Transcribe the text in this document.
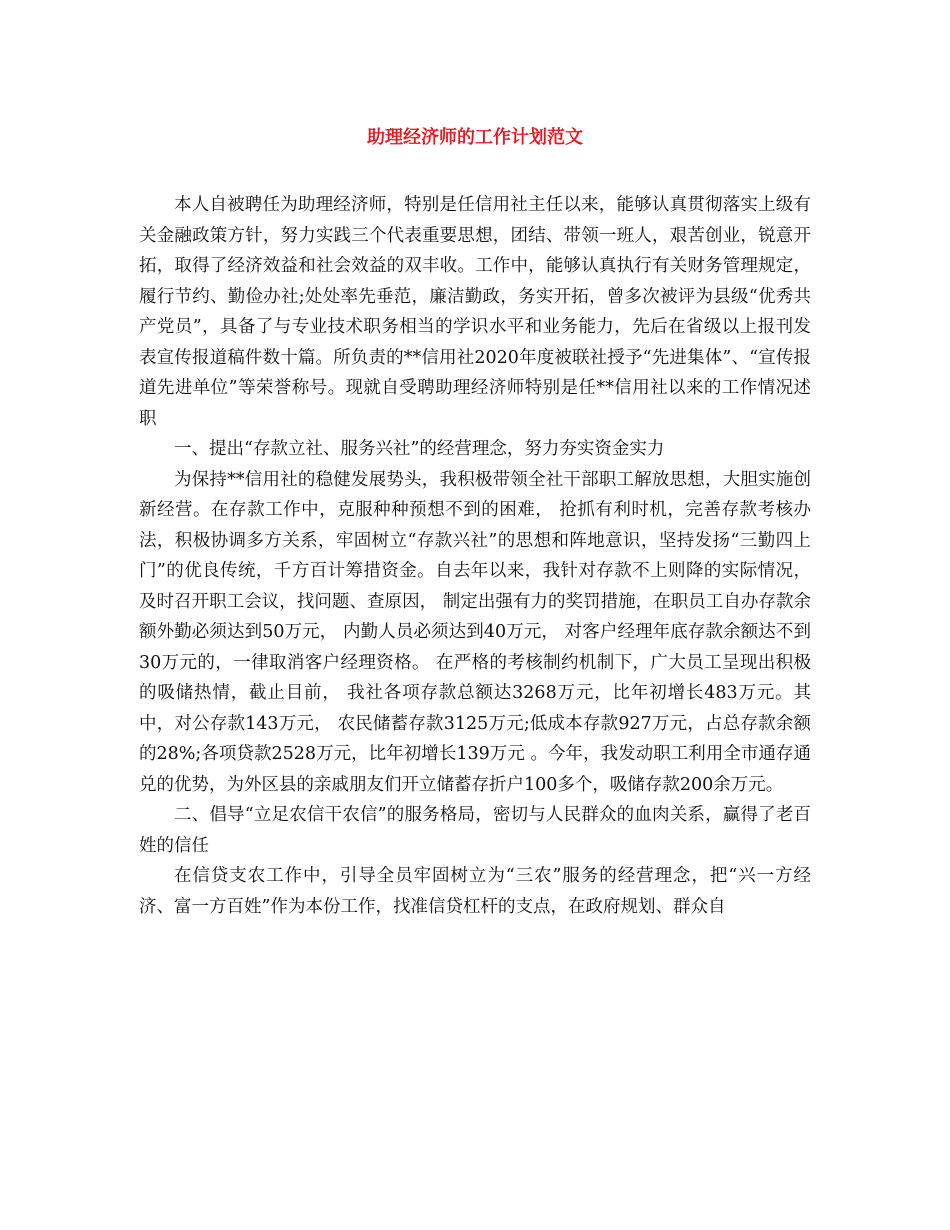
助理经济师的工作计划范文

本人自被聘任为助理经济师，特别是任信用社主任以来，能够认真贯彻落实上级有关金融政策方针，努力实践三个代表重要思想，团结、带领一班人，艰苦创业，锐意开拓，取得了经济效益和社会效益的双丰收。工作中，能够认真执行有关财务管理规定，履行节约、勤俭办社;处处率先垂范，廉洁勤政，务实开拓，曾多次被评为县级“优秀共产党员”，具备了与专业技术职务相当的学识水平和业务能力，先后在省级以上报刊发表宣传报道稿件数十篇。所负责的**信用社2020年度被联社授予“先进集体”、“宣传报道先进单位”等荣誉称号。现就自受聘助理经济师特别是任**信用社以来的工作情况述职

一、提出“存款立社、服务兴社”的经营理念，努力夯实资金实力

为保持**信用社的稳健发展势头，我积极带领全社干部职工解放思想，大胆实施创新经营。在存款工作中，克服种种预想不到的困难， 抢抓有利时机，完善存款考核办法，积极协调多方关系，牢固树立“存款兴社”的思想和阵地意识，坚持发扬“三勤四上门”的优良传统，千方百计筹措资金。自去年以来，我针对存款不上则降的实际情况， 及时召开职工会议，找问题、查原因， 制定出强有力的奖罚措施，在职员工自办存款余额外勤必须达到50万元， 内勤人员必须达到40万元， 对客户经理年底存款余额达不到30万元的，一律取消客户经理资格。 在严格的考核制约机制下，广大员工呈现出积极的吸储热情，截止目前， 我社各项存款总额达3268万元，比年初增长483万元。其中，对公存款143万元， 农民储蓄存款3125万元;低成本存款927万元，占总存款余额的28%;各项贷款2528万元，比年初增长139万元 。今年，我发动职工利用全市通存通兑的优势，为外区县的亲戚朋友们开立储蓄存折户100多个，吸储存款200余万元。

二、倡导“立足农信干农信”的服务格局，密切与人民群众的血肉关系，赢得了老百姓的信任

在信贷支农工作中，引导全员牢固树立为“三农”服务的经营理念，把“兴一方经济、富一方百姓”作为本份工作，找准信贷杠杆的支点，在政府规划、群众自
